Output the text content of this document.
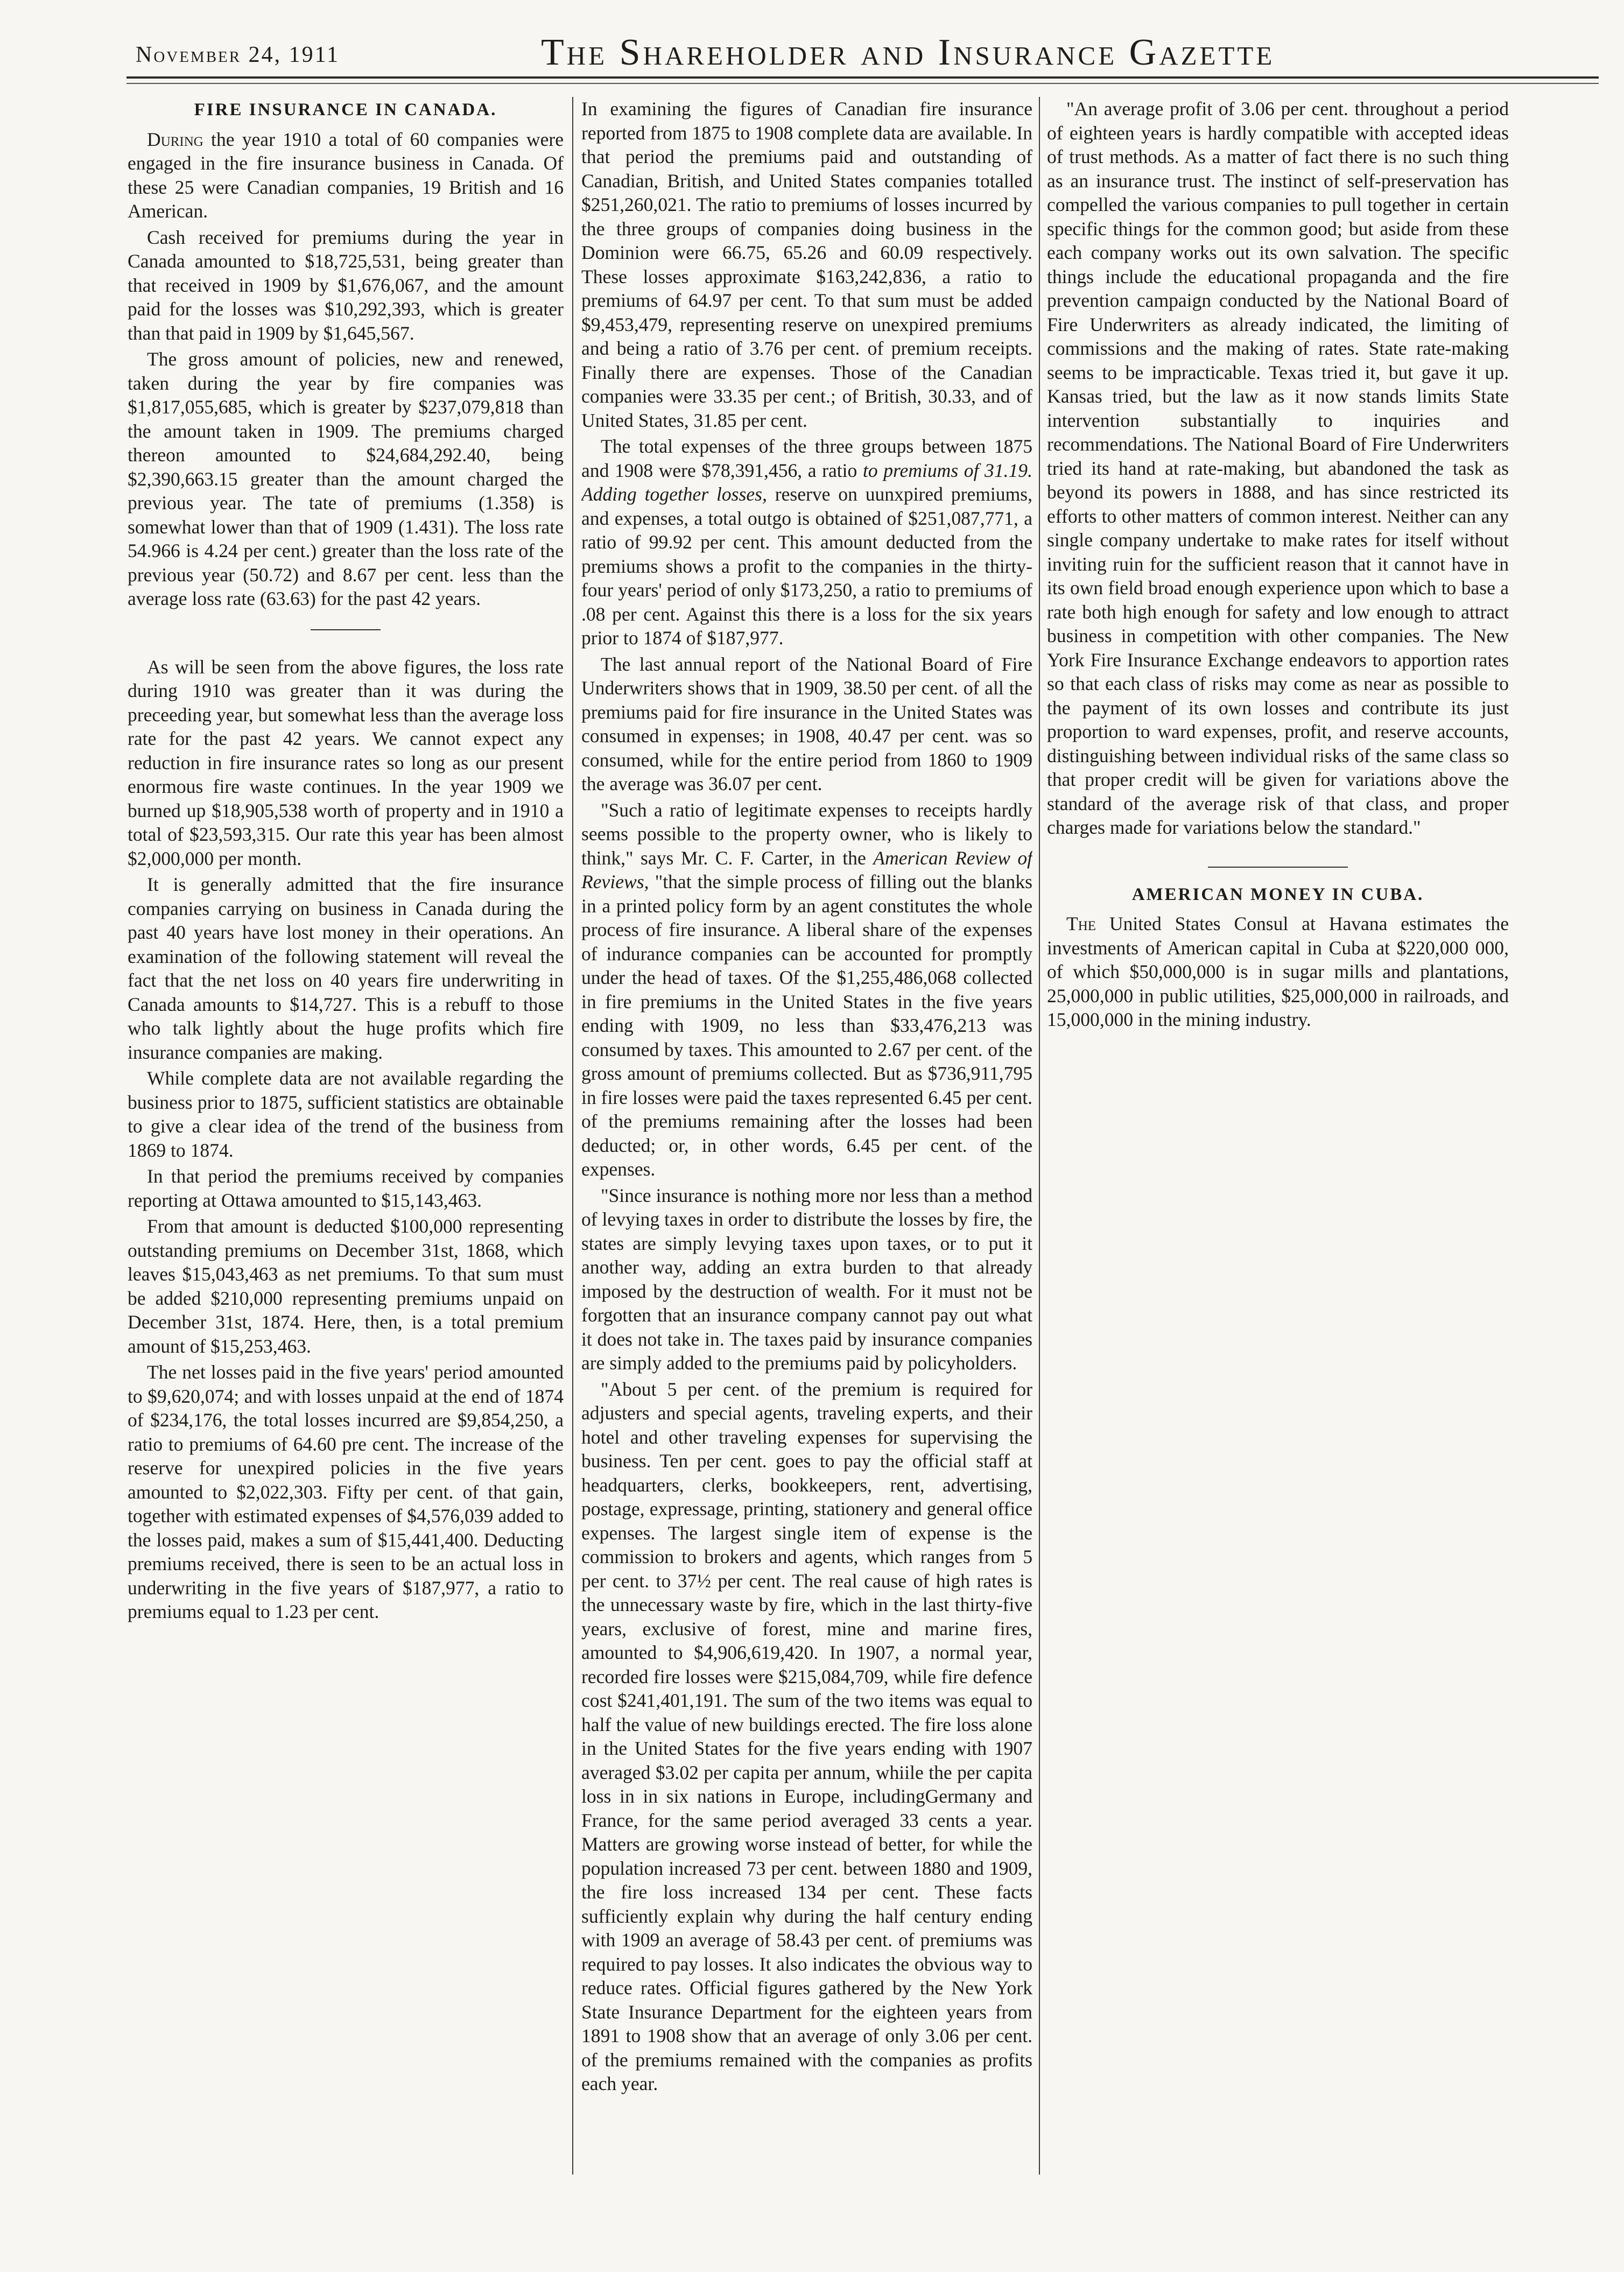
November 24, 1911	The Shareholder and Insurance Gazette
FIRE INSURANCE IN CANADA.

During the year 1910 a total of 60 companies were engaged in the fire insurance business in Canada. Of these 25 were Canadian companies, 19 British and 16 American.

Cash received for premiums during the year in Canada amounted to $18,725,531, being greater than that received in 1909 by $1,676,067, and the amount paid for the losses was $10,292,393, which is greater than that paid in 1909 by $1,645,567.

The gross amount of policies, new and renewed, taken during the year by fire companies was $1,817,055,685, which is greater by $237,079,818 than the amount taken in 1909. The premiums charged thereon amounted to $24,684,292.40, being $2,390,663.15 greater than the amount charged the previous year. The tate of premiums (1.358) is somewhat lower than that of 1909 (1.431). The loss rate 54.966 is 4.24 per cent.) greater than the loss rate of the previous year (50.72) and 8.67 per cent. less than the average loss rate (63.63) for the past 42 years.

As will be seen from the above figures, the loss rate during 1910 was greater than it was during the preceeding year, but somewhat less than the average loss rate for the past 42 years. We cannot expect any reduction in fire insurance rates so long as our present enormous fire waste continues. In the year 1909 we burned up $18,905,538 worth of property and in 1910 a total of $23,593,315. Our rate this year has been almost $2,000,000 per month.

It is generally admitted that the fire insurance companies carrying on business in Canada during the past 40 years have lost money in their operations. An examination of the following statement will reveal the fact that the net loss on 40 years fire underwriting in Canada amounts to $14,727. This is a rebuff to those who talk lightly about the huge profits which fire insurance companies are making.

While complete data are not available regarding the business prior to 1875, sufficient statistics are obtainable to give a clear idea of the trend of the business from 1869 to 1874.

In that period the premiums received by companies reporting at Ottawa amounted to $15,143,463.

From that amount is deducted $100,000 representing outstanding premiums on December 31st, 1868, which leaves $15,043,463 as net premiums. To that sum must be added $210,000 representing premiums unpaid on December 31st, 1874. Here, then, is a total premium amount of $15,253,463.

The net losses paid in the five years' period amounted to $9,620,074; and with losses unpaid at the end of 1874 of $234,176, the total losses incurred are $9,854,250, a ratio to premiums of 64.60 pre cent. The increase of the reserve for unexpired policies in the five years amounted to $2,022,303. Fifty per cent. of that gain, together with estimated expenses of $4,576,039 added to the losses paid, makes a sum of $15,441,400. Deducting premiums received, there is seen to be an actual loss in underwriting in the five years of $187,977, a ratio to premiums equal to 1.23 per cent.

In examining the figures of Canadian fire insurance reported from 1875 to 1908 complete data are available. In that period the premiums paid and outstanding of Canadian, British, and United States companies totalled $251,260,021. The ratio to premiums of losses incurred by the three groups of companies doing business in the Dominion were 66.75, 65.26 and 60.09 respectively. These losses approximate $163,242,836, a ratio to premiums of 64.97 per cent. To that sum must be added $9,453,479, representing reserve on unexpired premiums and being a ratio of 3.76 per cent. of premium receipts. Finally there are expenses. Those of the Canadian companies were 33.35 per cent.; of British, 30.33, and of United States, 31.85 per cent.

The total expenses of the three groups between 1875 and 1908 were $78,391,456, a ratio to premiums of 31.19. Adding together losses, reserve on uunxpired premiums, and expenses, a total outgo is obtained of $251,087,771, a ratio of 99.92 per cent. This amount deducted from the premiums shows a profit to the companies in the thirty-four years' period of only $173,250, a ratio to premiums of .08 per cent. Against this there is a loss for the six years prior to 1874 of $187,977.

The last annual report of the National Board of Fire Underwriters shows that in 1909, 38.50 per cent. of all the premiums paid for fire insurance in the United States was consumed in expenses; in 1908, 40.47 per cent. was so consumed, while for the entire period from 1860 to 1909 the average was 36.07 per cent.

"Such a ratio of legitimate expenses to receipts hardly seems possible to the property owner, who is likely to think," says Mr. C. F. Carter, in the American Review of Reviews, "that the simple process of filling out the blanks in a printed policy form by an agent constitutes the whole process of fire insurance. A liberal share of the expenses of indurance companies can be accounted for promptly under the head of taxes. Of the $1,255,486,068 collected in fire premiums in the United States in the five years ending with 1909, no less than $33,476,213 was consumed by taxes. This amounted to 2.67 per cent. of the gross amount of premiums collected. But as $736,911,795 in fire losses were paid the taxes represented 6.45 per cent. of the premiums remaining after the losses had been deducted; or, in other words, 6.45 per cent. of the expenses.

"Since insurance is nothing more nor less than a method of levying taxes in order to distribute the losses by fire, the states are simply levying taxes upon taxes, or to put it another way, adding an extra burden to that already imposed by the destruction of wealth. For it must not be forgotten that an insurance company cannot pay out what it does not take in. The taxes paid by insurance companies are simply added to the premiums paid by policyholders.

"About 5 per cent. of the premium is required for adjusters and special agents, traveling experts, and their hotel and other traveling expenses for supervising the business. Ten per cent. goes to pay the official staff at headquarters, clerks, bookkeepers, rent, advertising, postage, expressage, printing, stationery and general office expenses. The largest single item of expense is the commission to brokers and agents, which ranges from 5 per cent. to 37½ per cent. The real cause of high rates is the unnecessary waste by fire, which in the last thirty-five years, exclusive of forest, mine and marine fires, amounted to $4,906,619,420. In 1907, a normal year, recorded fire losses were $215,084,709, while fire defence cost $241,401,191. The sum of the two items was equal to half the value of new buildings erected. The fire loss alone in the United States for the five years ending with 1907 averaged $3.02 per capita per annum, whiile the per capita loss in in six nations in Europe, includingGermany and France, for the same period averaged 33 cents a year. Matters are growing worse instead of better, for while the population increased 73 per cent. between 1880 and 1909, the fire loss increased 134 per cent. These facts sufficiently explain why during the half century ending with 1909 an average of 58.43 per cent. of premiums was required to pay losses. It also indicates the obvious way to reduce rates. Official figures gathered by the New York State Insurance Department for the eighteen years from 1891 to 1908 show that an average of only 3.06 per cent. of the premiums remained with the companies as profits each year.

"An average profit of 3.06 per cent. throughout a period of eighteen years is hardly compatible with accepted ideas of trust methods. As a matter of fact there is no such thing as an insurance trust. The instinct of self-preservation has compelled the various companies to pull together in certain specific things for the common good; but aside from these each company works out its own salvation. The specific things include the educational propaganda and the fire prevention campaign conducted by the National Board of Fire Underwriters as already indicated, the limiting of commissions and the making of rates. State rate-making seems to be impracticable. Texas tried it, but gave it up. Kansas tried, but the law as it now stands limits State intervention substantially to inquiries and recommendations. The National Board of Fire Underwriters tried its hand at rate-making, but abandoned the task as beyond its powers in 1888, and has since restricted its efforts to other matters of common interest. Neither can any single company undertake to make rates for itself without inviting ruin for the sufficient reason that it cannot have in its own field broad enough experience upon which to base a rate both high enough for safety and low enough to attract business in competition with other companies. The New York Fire Insurance Exchange endeavors to apportion rates so that each class of risks may come as near as possible to the payment of its own losses and contribute its just proportion to ward expenses, profit, and reserve accounts, distinguishing between individual risks of the same class so that proper credit will be given for variations above the standard of the average risk of that class, and proper charges made for variations below the standard."

AMERICAN MONEY IN CUBA.

The United States Consul at Havana estimates the investments of American capital in Cuba at $220,000 000, of which $50,000,000 is in sugar mills and plantations, 25,000,000 in public utilities, $25,000,000 in railroads, and 15,000,000 in the mining industry.
